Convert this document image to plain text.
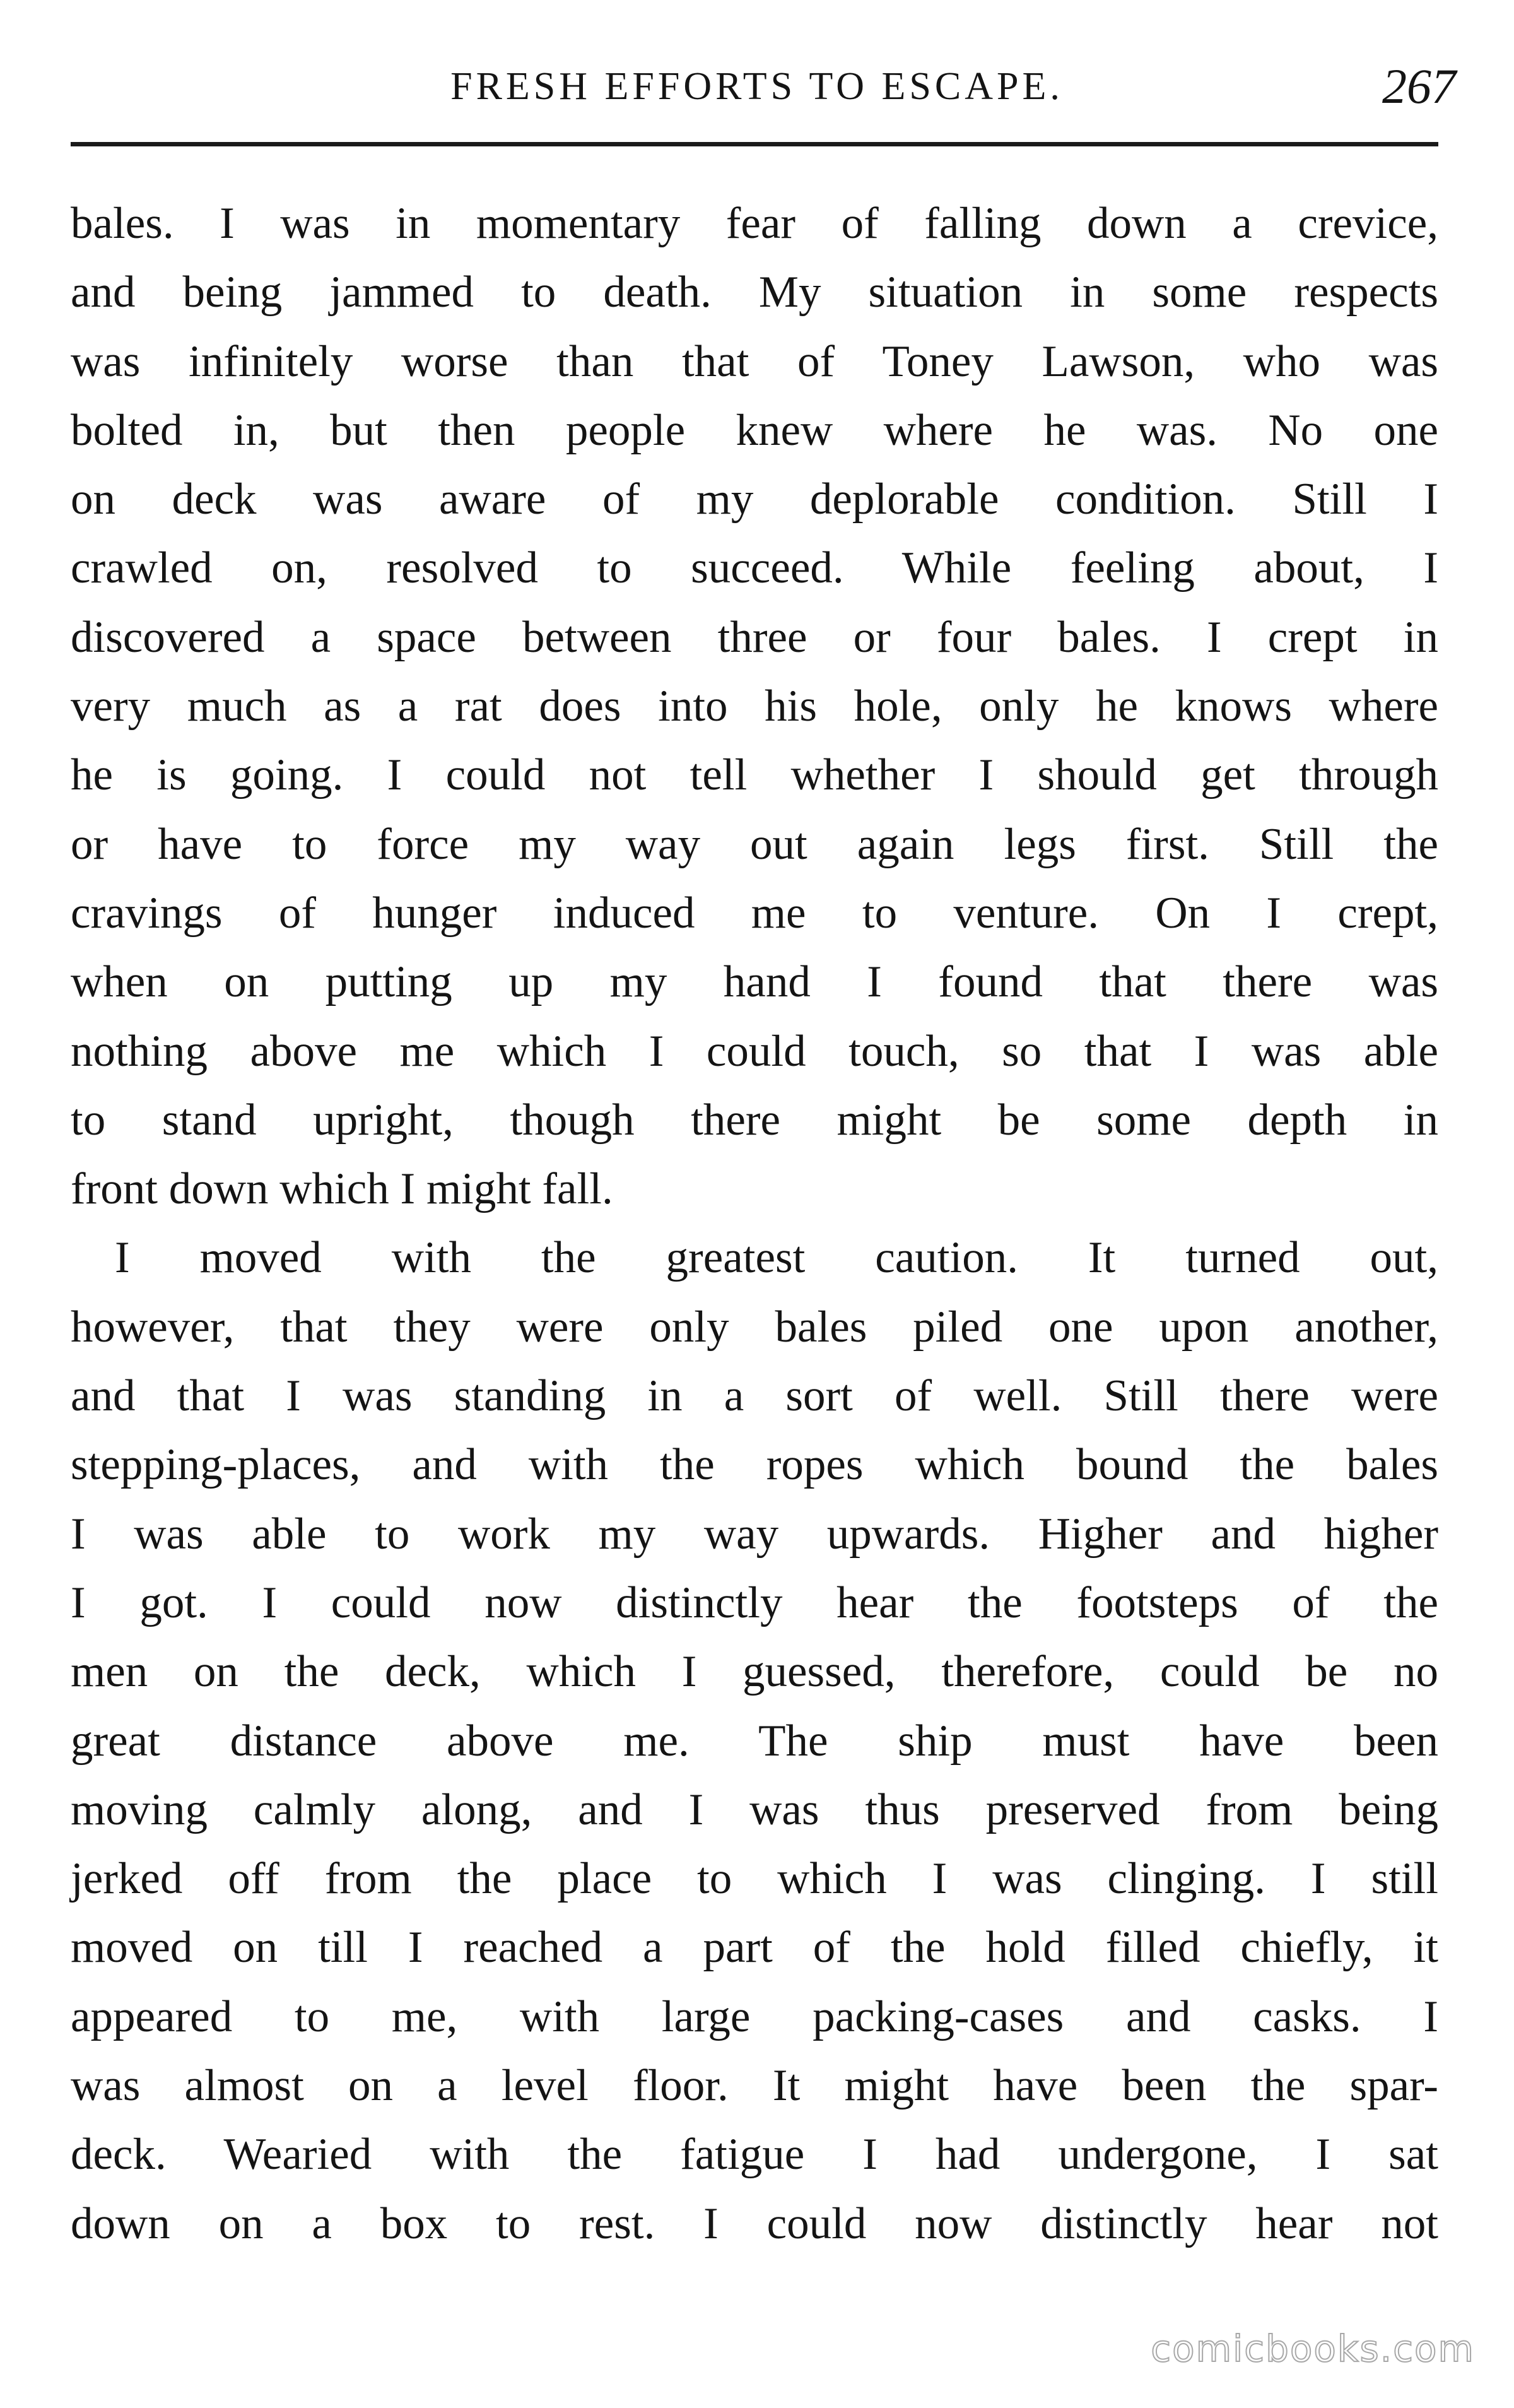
FRESH EFFORTS TO ESCAPE.	267
bales. I was in momentary fear of falling down a crevice,
and being jammed to death. My situation in some respects
was infinitely worse than that of Toney Lawson, who was
bolted in, but then people knew where he was. No one
on deck was aware of my deplorable condition. Still I
crawled on, resolved to succeed. While feeling about, I
discovered a space between three or four bales. I crept in
very much as a rat does into his hole, only he knows where
he is going. I could not tell whether I should get through
or have to force my way out again legs first. Still the
cravings of hunger induced me to venture. On I crept,
when on putting up my hand I found that there was
nothing above me which I could touch, so that I was able
to stand upright, though there might be some depth in
front down which I might fall.
I moved with the greatest caution. It turned out,
however, that they were only bales piled one upon another,
and that I was standing in a sort of well. Still there were
stepping-places, and with the ropes which bound the bales
I was able to work my way upwards. Higher and higher
I got. I could now distinctly hear the footsteps of the
men on the deck, which I guessed, therefore, could be no
great distance above me. The ship must have been
moving calmly along, and I was thus preserved from being
jerked off from the place to which I was clinging. I still
moved on till I reached a part of the hold filled chiefly, it
appeared to me, with large packing-cases and casks. I
was almost on a level floor. It might have been the spar-
deck. Wearied with the fatigue I had undergone, I sat
down on a box to rest. I could now distinctly hear not
comicbooks.com
